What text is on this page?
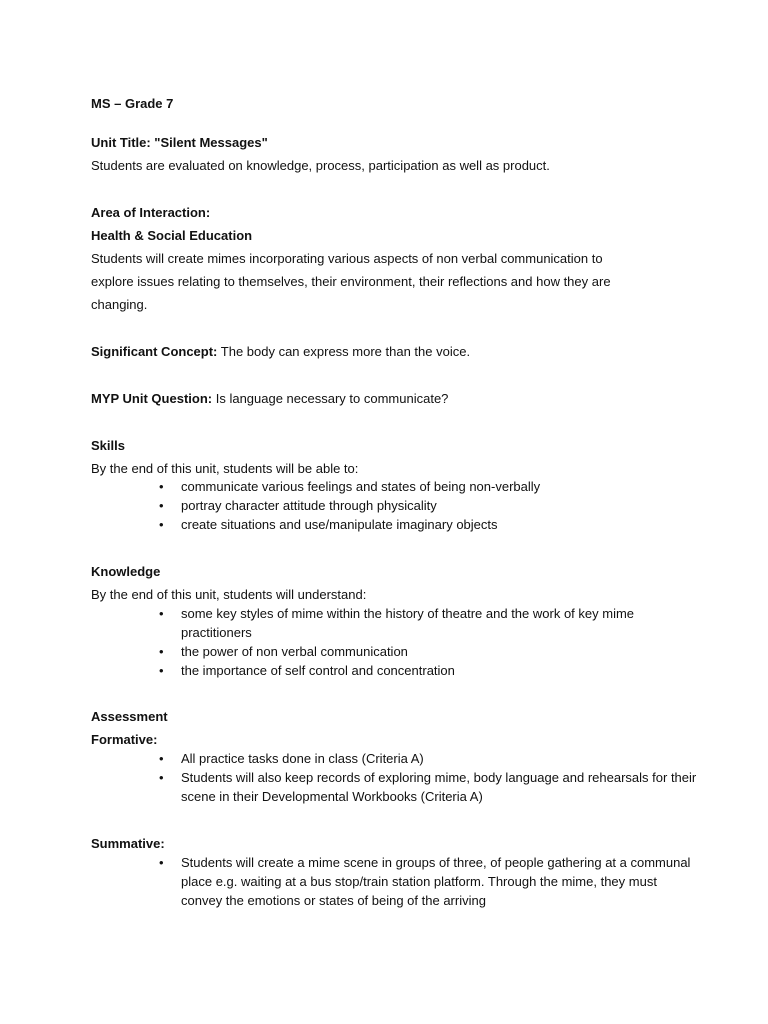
MS – Grade 7
Unit Title: "Silent Messages"
Students are evaluated on knowledge, process, participation as well as product.
Area of Interaction:
Health & Social Education
Students will create mimes incorporating various aspects of non verbal communication to
explore issues relating to themselves, their environment, their reflections and how they are
changing.
Significant Concept: The body can express more than the voice.
MYP Unit Question: Is language necessary to communicate?
Skills
By the end of this unit, students will be able to:
• communicate various feelings and states of being non-verbally
• portray character attitude through physicality
• create situations and use/manipulate imaginary objects
Knowledge
By the end of this unit, students will understand:
• some key styles of mime within the history of theatre and the work of key mime practitioners
• the power of non verbal communication
• the importance of self control and concentration
Assessment
Formative:
• All practice tasks done in class (Criteria A)
• Students will also keep records of exploring mime, body language and rehearsals for their scene in their Developmental Workbooks (Criteria A)
Summative:
• Students will create a mime scene in groups of three, of people gathering at a communal place e.g. waiting at a bus stop/train station platform. Through the mime, they must convey the emotions or states of being of the arriving
